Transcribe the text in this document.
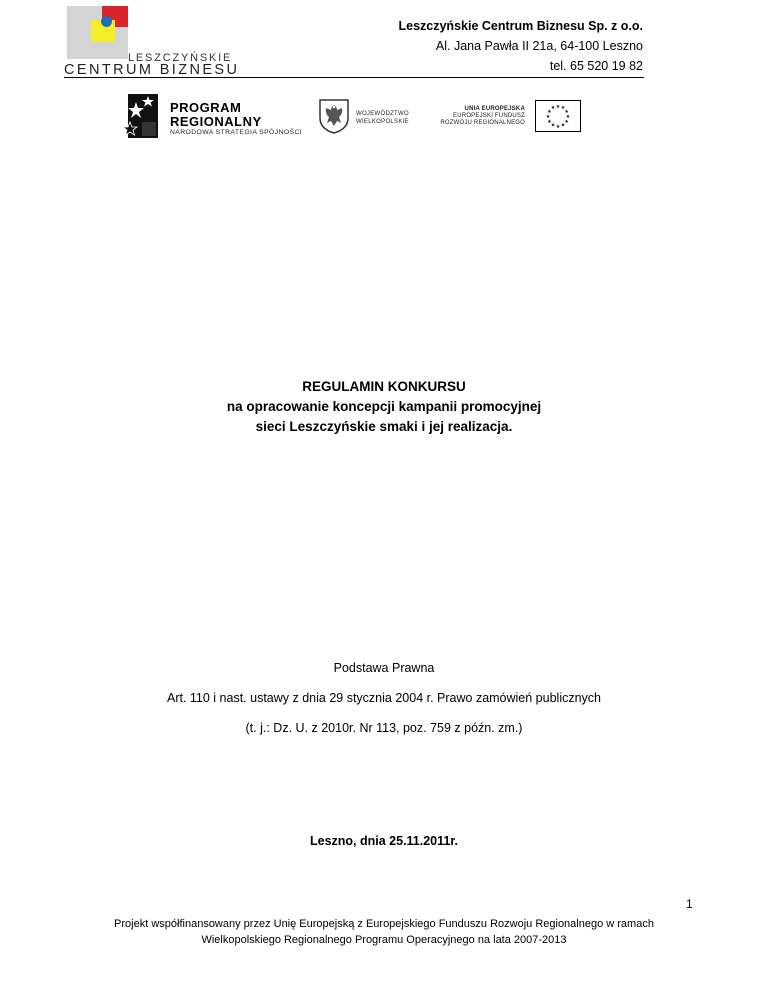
LESZCZYŃSKIE
CENTRUM BIZNESU
Leszczyńskie Centrum Biznesu Sp. z o.o.
Al. Jana Pawła II 21a, 64-100 Leszno
tel. 65 520 19 82
PROGRAM
REGIONALNY
NARODOWA STRATEGIA SPÓJNOŚCI
WOJEWÓDZTWO
WIELKOPOLSKIE
UNIA EUROPEJSKA
EUROPEJSKI FUNDUSZ
ROZWOJU REGIONALNEGO
★ ★
★
★
★
★
★
★
★
★
★
★
REGULAMIN KONKURSU
na opracowanie koncepcji kampanii promocyjnej
sieci Leszczyńskie smaki i jej realizacja.
Podstawa Prawna
Art. 110 i nast. ustawy z dnia 29 stycznia 2004 r. Prawo zamówień publicznych
(t. j.: Dz. U. z 2010r. Nr 113, poz. 759 z późn. zm.)
Leszno, dnia 25.11.2011r.
1
Projekt współfinansowany przez Unię Europejską z Europejskiego Funduszu Rozwoju Regionalnego w ramach
Wielkopolskiego Regionalnego Programu Operacyjnego na lata 2007-2013
